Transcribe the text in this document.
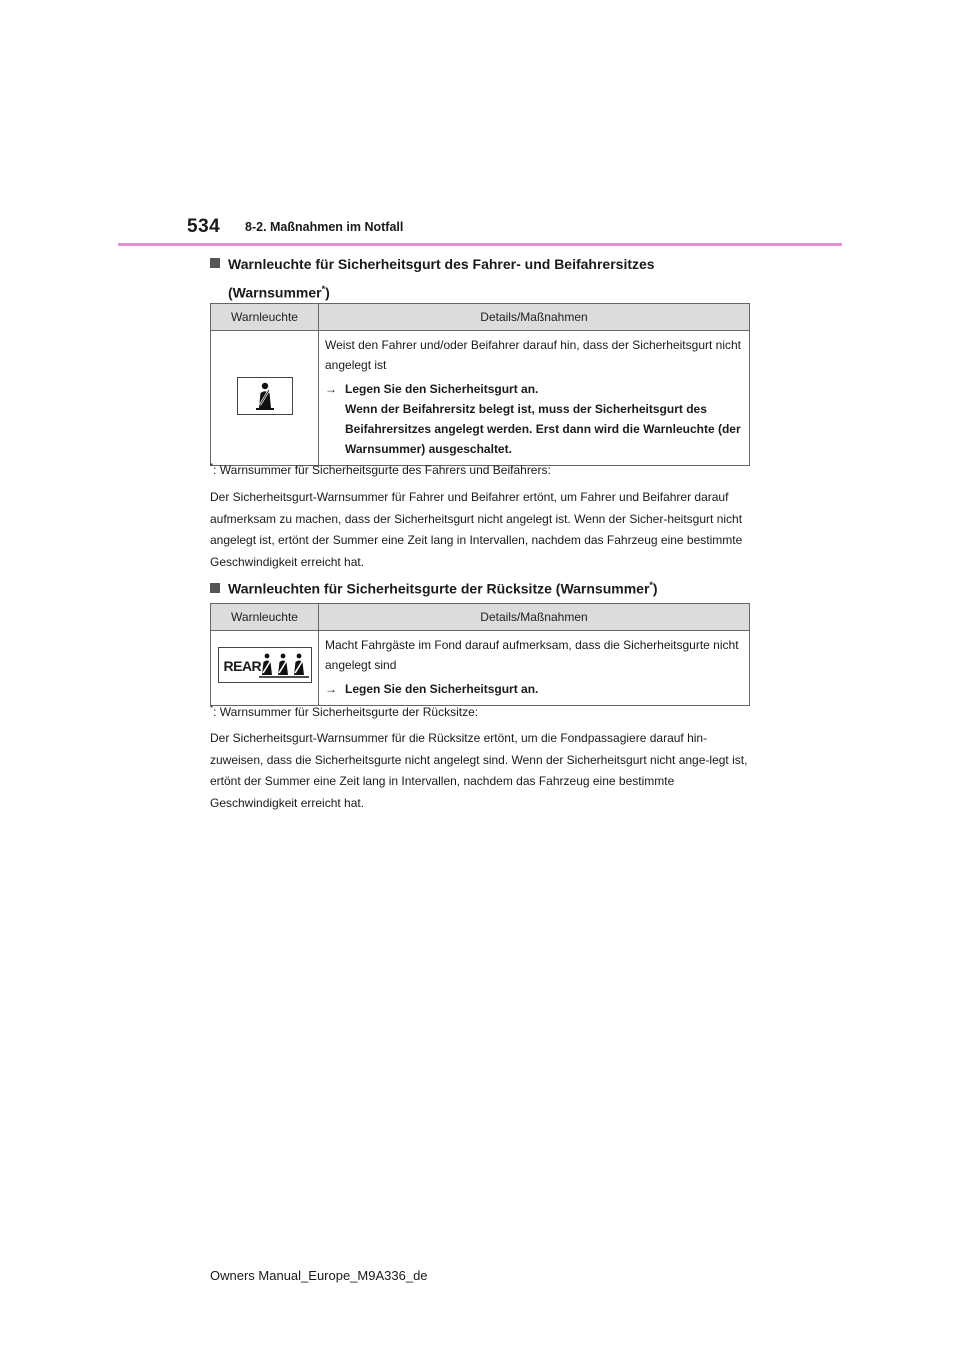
534 8-2. Maßnahmen im Notfall
Warnleuchte für Sicherheitsgurt des Fahrer- und Beifahrersitzes
(Warnsummer*)
Warnleuchte	Details/Maßnahmen

Weist den Fahrer und/oder Beifahrer darauf hin, dass der Sicherheitsgurt nicht angelegt ist
→ Legen Sie den Sicherheitsgurt an.
Wenn der Beifahrersitz belegt ist, muss der Sicherheitsgurt des Beifahrersitzes angelegt werden. Erst dann wird die Warnleuchte (der Warnsummer) ausgeschaltet.
*: Warnsummer für Sicherheitsgurte des Fahrers und Beifahrers:
Der Sicherheitsgurt-Warnsummer für Fahrer und Beifahrer ertönt, um Fahrer und Beifahrer darauf aufmerksam zu machen, dass der Sicherheitsgurt nicht angelegt ist. Wenn der Sicher-heitsgurt nicht angelegt ist, ertönt der Summer eine Zeit lang in Intervallen, nachdem das Fahrzeug eine bestimmte Geschwindigkeit erreicht hat.
Warnleuchten für Sicherheitsgurte der Rücksitze (Warnsummer*)
Warnleuchte	Details/Maßnahmen

REAR	Macht Fahrgäste im Fond darauf aufmerksam, dass die Sicherheitsgurte nicht angelegt sind
→ Legen Sie den Sicherheitsgurt an.
*: Warnsummer für Sicherheitsgurte der Rücksitze:
Der Sicherheitsgurt-Warnsummer für die Rücksitze ertönt, um die Fondpassagiere darauf hin-zuweisen, dass die Sicherheitsgurte nicht angelegt sind. Wenn der Sicherheitsgurt nicht ange-legt ist, ertönt der Summer eine Zeit lang in Intervallen, nachdem das Fahrzeug eine bestimmte Geschwindigkeit erreicht hat.
Owners Manual_Europe_M9A336_de
